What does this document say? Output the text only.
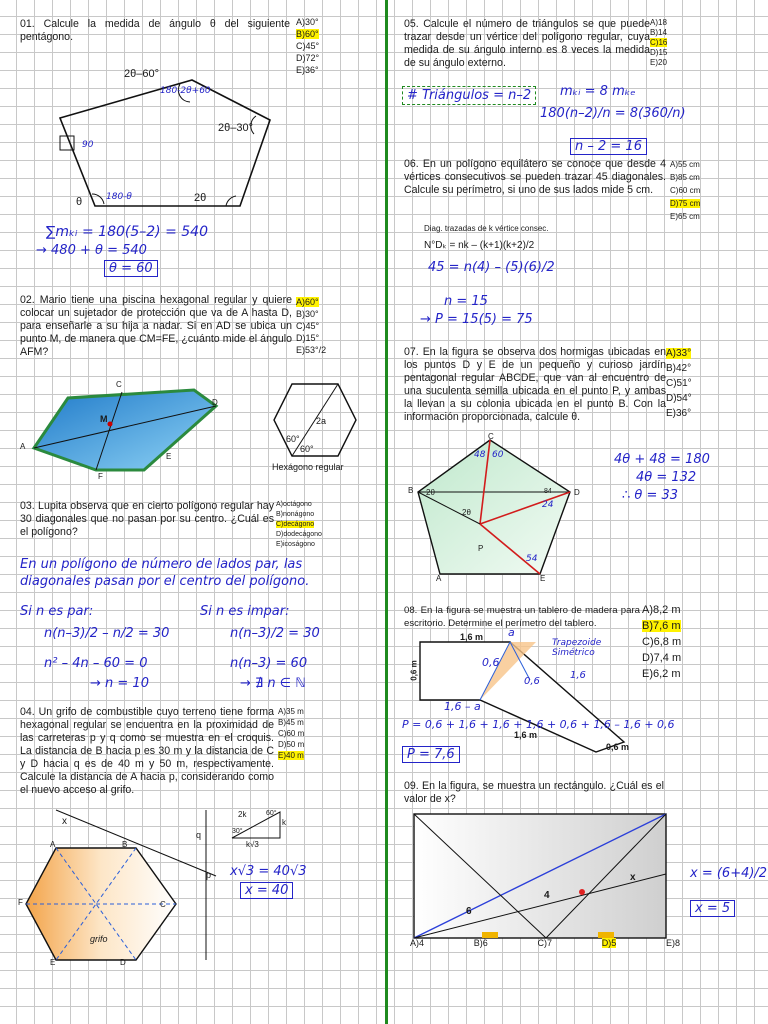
01. Calcule la medida de ángulo θ del siguiente pentágono.
A)30°
B)60°
C)45°
D)72°
E)36°
2θ–60°
2θ–30°
2θ
θ
180-2θ+60
180-θ
90
∑mₖᵢ = 180(5–2) = 540
→ 480 + θ = 540
θ = 60
02. Mario tiene una piscina hexagonal regular y quiere colocar un sujetador de protección que va de A hasta D, para enseñarle a su hija a nadar. Si en AD se ubica un punto M, de manera que CM=FE, ¿cuánto mide el ángulo AFM?
A)60°
B)30°
C)45°
D)15°
E)53°/2
A
C
D
E
F
M	2a
60°
60°
Hexágono regular
03. Lupita observa que en cierto polígono regular hay 30 diagonales que no pasan por su centro. ¿Cuál es el polígono?
A)octágono
B)nonágono
C)decágono
D)dodecágono
E)icoságono
En un polígono de número de lados par, las diagonales pasan por el centro del polígono.
Si n es par:
n(n–3)/2 – n/2 = 30
n² – 4n – 60 = 0
→ n = 10
Si n es impar:
n(n–3)/2 = 30
n(n–3) = 60
→ ∄ n ∈ ℕ
04. Un grifo de combustible cuyo terreno tiene forma hexagonal regular se encuentra en la proximidad de las carreteras p y q como se muestra en el croquis. La distancia de B hacia p es 30 m y la distancia de C y D hacia q es de 40 m y 50 m, respectivamente. Calcule la distancia de A hacia p, considerando como el nuevo acceso al grifo.
A)35 m
B)45 m
C)60 m
D)50 m
E)40 m
A	B
C
D
E
F
p
q
x
grifo
2k
k
k√3
30°
60°
x√3 = 40√3
x = 40
05. Calcule el número de triángulos se que puede trazar desde un vértice del polígono regular, cuya medida de su ángulo interno es 8 veces la medida de su ángulo externo.
A)18
B)14
C)16
D)15
E)20
# Triángulos = n–2	mₖᵢ = 8 mₖₑ
180(n–2)/n = 8(360/n)
n – 2 = 16
06. En un polígono equilátero se conoce que desde 4 vértices consecutivos se pueden trazar 45 diagonales. Calcule su perímetro, si uno de sus lados mide 5 cm.
A)55 cm
B)85 cm
C)60 cm
D)75 cm
E)65 cm
Diag. trazadas de k vértice consec.
N°Dₖ = nk – (k+1)(k+2)/2
45 = n(4) – (5)(6)/2
n = 15
→ P = 15(5) = 75
07. En la figura se observa dos hormigas ubicadas en los puntos D y E de un pequeño y curioso jardín pentagonal regular ABCDE, que van al encuentro de una suculenta semilla ubicada en el punto P, y ambas la llevan a su colonia ubicada en el punto B. Con la información proporcionada, calcule θ.
A)33°
B)42°
C)51°
D)54°
E)36°
A
B
C
D
E
P
2θ
2θ
48 60
54
24
84
4θ + 48 = 180
4θ = 132
∴ θ = 33
08. En la figura se muestra un tablero de madera para escritorio. Determine el perímetro del tablero.
A)8,2 m
B)7,6 m
C)6,8 m
D)7,4 m
E)6,2 m
1,6 m a
0,6 m	0,6
1,6 – a
1,6 m
0,6 m
1,6
0,6
Trapezoide Simétrico
P = 0,6 + 1,6 + 1,6 + 1,6 + 0,6 + 1,6 – 1,6 + 0,6
P = 7,6
09. En la figura, se muestra un rectángulo. ¿Cuál es el valor de x?
4
6
x
A)4	B)6	C)7	D)5	E)8
x = (6+4)/2
x = 5
